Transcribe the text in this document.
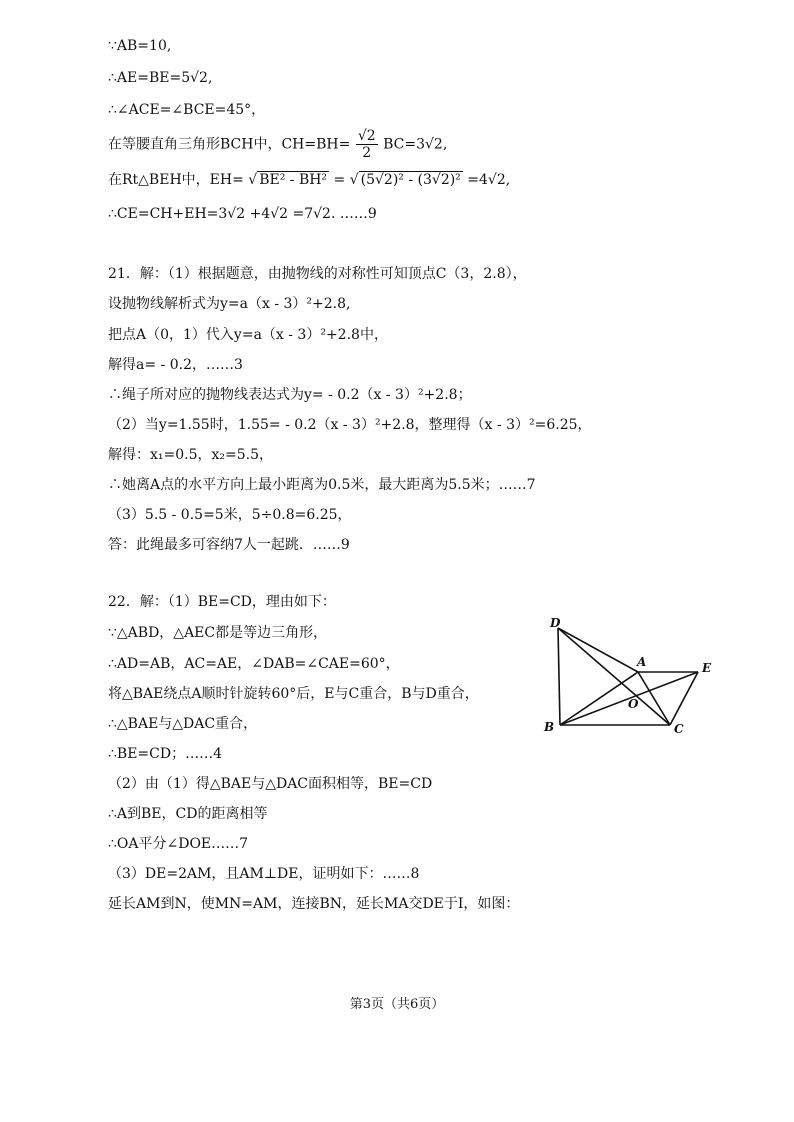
∵AB=10,
∴AE=BE=5√2,
∴∠ACE=∠BCE=45°，
在等腰直角三角形BCH中，$CH=BH= \frac{√2}{2} BC=3√2$,
在Rt△BEH中，EH= √ BE² - BH² = √ (5√2)² - (3√2)² =4√2,
∴CE=CH+EH=3√2 +4√2 =7√2. ……9
21．解：（1）根据题意，由抛物线的对称性可知顶点C（3，2.8），
设抛物线解析式为y=a（x - 3）²+2.8,
把点A（0，1）代入y=a（x - 3）²+2.8中，
解得a= - 0.2，……3
∴绳子所对应的抛物线表达式为y= - 0.2（x - 3）²+2.8；
（2）当y=1.55时，1.55= - 0.2（x - 3）²+2.8，整理得（x - 3）²=6.25，
解得：x₁=0.5，x₂=5.5，
∴她离A点的水平方向上最小距离为0.5米，最大距离为5.5米；……7
（3）5.5 - 0.5=5米，5÷0.8=6.25，
答：此绳最多可容纳7人一起跳．……9
22．解：（1）BE=CD，理由如下：
∵△ABD，△AEC都是等边三角形，
∴AD=AB，AC=AE，∠DAB=∠CAE=60°，
将△BAE绕点A顺时针旋转60°后，E与C重合，B与D重合，
∴△BAE与△DAC重合，
∴BE=CD；……4
（2）由（1）得△BAE与△DAC面积相等，BE=CD
∴A到BE，CD的距离相等
∴OA平分∠DOE……7
（3）DE=2AM，且AM⊥DE，证明如下：……8
延长AM到N，使MN=AM，连接BN，延长MA交DE于I，如图：
D
A	E
O
B	C
第3页（共6页）
